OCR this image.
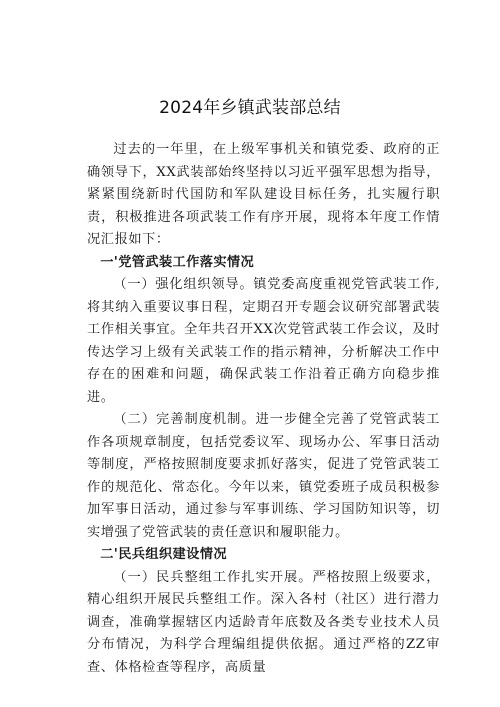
2024年乡镇武装部总结

过去的一年里，在上级军事机关和镇党委、政府的正确领导下，XX武装部始终坚持以习近平强军思想为指导，紧紧围绕新时代国防和军队建设目标任务，扎实履行职责，积极推进各项武装工作有序开展，现将本年度工作情况汇报如下：

一'党管武装工作落实情况

（一）强化组织领导。镇党委高度重视党管武装工作,将其纳入重要议事日程，定期召开专题会议研究部署武装工作相关事宜。全年共召开XX次党管武装工作会议，及时传达学习上级有关武装工作的指示精神，分析解决工作中存在的困难和问题，确保武装工作沿着正确方向稳步推进。

（二）完善制度机制。进一步健全完善了党管武装工作各项规章制度，包括党委议军、现场办公、军事日活动等制度，严格按照制度要求抓好落实，促进了党管武装工作的规范化、常态化。今年以来，镇党委班子成员积极参加军事日活动，通过参与军事训练、学习国防知识等，切实增强了党管武装的责任意识和履职能力。

二'民兵组织建设情况

（一）民兵整组工作扎实开展。严格按照上级要求，精心组织开展民兵整组工作。深入各村（社区）进行潜力调查，准确掌握辖区内适龄青年底数及各类专业技术人员分布情况，为科学合理编组提供依据。通过严格的ZZ审查、体格检查等程序，高质量
